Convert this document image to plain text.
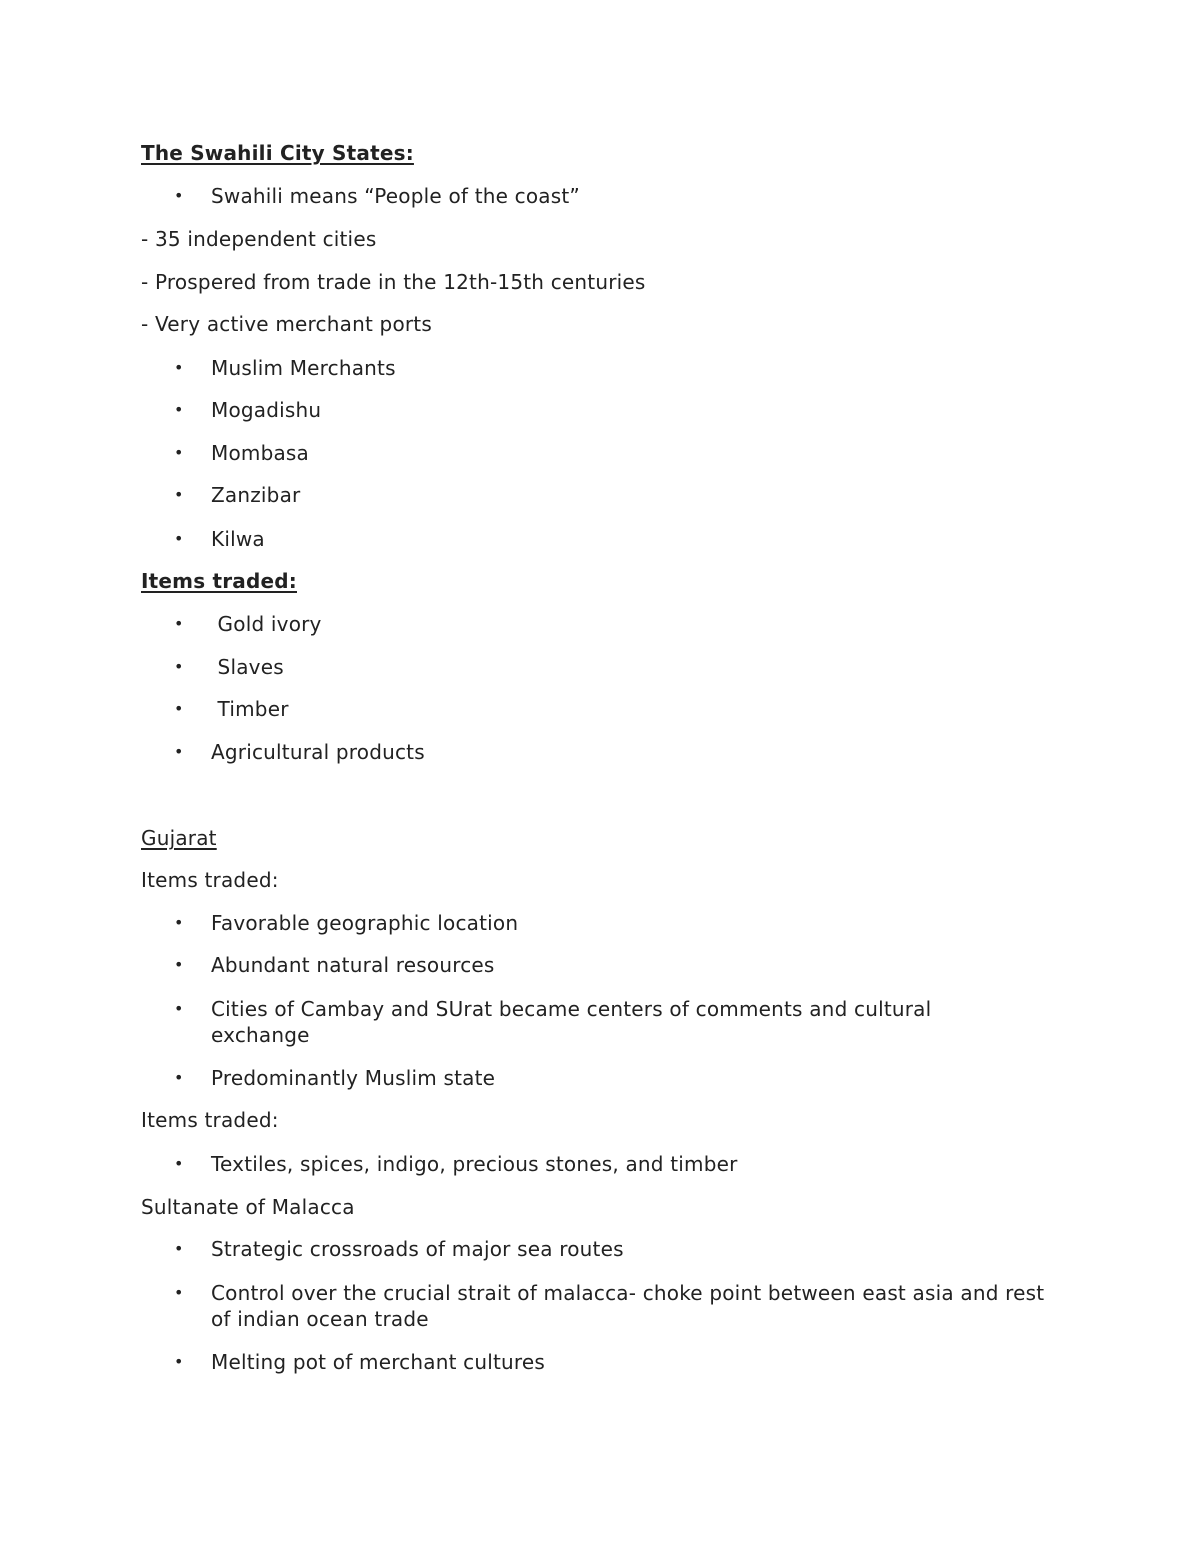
The Swahili City States:
•	Swahili means “People of the coast”
- 35 independent cities
- Prospered from trade in the 12th-15th centuries
- Very active merchant ports
•	Muslim Merchants
•	Mogadishu
•	Mombasa
•	Zanzibar
•	Kilwa
Items traded:
•	Gold ivory
•	Slaves
•	Timber
•	Agricultural products
Gujarat
Items traded:
•	Favorable geographic location
•	Abundant natural resources
•	Cities of Cambay and SUrat became centers of comments and cultural exchange
•	Predominantly Muslim state
Items traded:
•	Textiles, spices, indigo, precious stones, and timber
Sultanate of Malacca
•	Strategic crossroads of major sea routes
•	Control over the crucial strait of malacca- choke point between east asia and rest of indian ocean trade
•	Melting pot of merchant cultures
